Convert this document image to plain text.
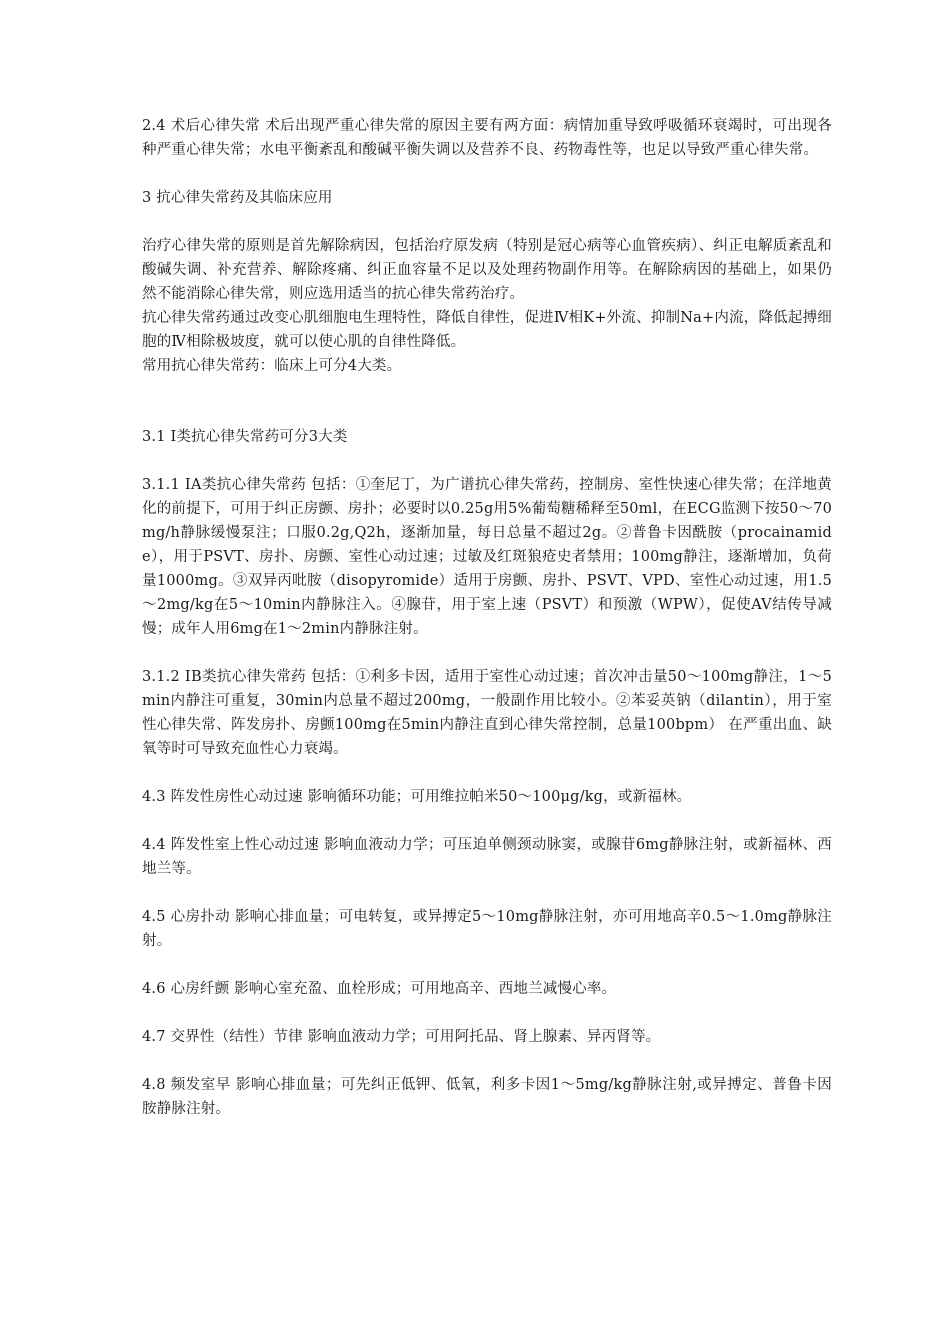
2.4 术后心律失常 术后出现严重心律失常的原因主要有两方面：病情加重导致呼吸循环衰竭时，可出现各种严重心律失常；水电平衡紊乱和酸碱平衡失调以及营养不良、药物毒性等，也足以导致严重心律失常。

3 抗心律失常药及其临床应用

治疗心律失常的原则是首先解除病因，包括治疗原发病（特别是冠心病等心血管疾病）、纠正电解质紊乱和酸碱失调、补充营养、解除疼痛、纠正血容量不足以及处理药物副作用等。在解除病因的基础上，如果仍然不能消除心律失常，则应选用适当的抗心律失常药治疗。

抗心律失常药通过改变心肌细胞电生理特性，降低自律性，促进Ⅳ相K+外流、抑制Na+内流，降低起搏细胞的Ⅳ相除极坡度，就可以使心肌的自律性降低。

常用抗心律失常药：临床上可分4大类。

3.1 Ⅰ类抗心律失常药可分3大类

3.1.1 ⅠA类抗心律失常药 包括：①奎尼丁，为广谱抗心律失常药，控制房、室性快速心律失常；在洋地黄化的前提下，可用于纠正房颤、房扑；必要时以0.25g用5%葡萄糖稀释至50ml，在ECG监测下按50～70mg/h静脉缓慢泵注；口服0.2g,Q2h，逐渐加量，每日总量不超过2g。②普鲁卡因酰胺（procainamide），用于PSVT、房扑、房颤、室性心动过速；过敏及红斑狼疮史者禁用；100mg静注，逐渐增加，负荷量1000mg。③双异丙吡胺（disopyromide）适用于房颤、房扑、PSVT、VPD、室性心动过速，用1.5～2mg/kg在5～10min内静脉注入。④腺苷，用于室上速（PSVT）和预激（WPW），促使AV结传导减慢；成年人用6mg在1～2min内静脉注射。

3.1.2 ⅠB类抗心律失常药 包括：①利多卡因，适用于室性心动过速；首次冲击量50～100mg静注，1～5min内静注可重复，30min内总量不超过200mg，一般副作用比较小。②苯妥英钠（dilantin），用于室性心律失常、阵发房扑、房颤100mg在5min内静注直到心律失常控制，总量100bpm） 在严重出血、缺氧等时可导致充血性心力衰竭。

4.3 阵发性房性心动过速 影响循环功能；可用维拉帕米50～100μg/kg，或新福林。

4.4 阵发性室上性心动过速 影响血液动力学；可压迫单侧颈动脉窦，或腺苷6mg静脉注射，或新福林、西地兰等。

4.5 心房扑动 影响心排血量；可电转复，或异搏定5～10mg静脉注射，亦可用地高辛0.5～1.0mg静脉注射。

4.6 心房纤颤 影响心室充盈、血栓形成；可用地高辛、西地兰减慢心率。

4.7 交界性（结性）节律 影响血液动力学；可用阿托品、肾上腺素、异丙肾等。

4.8 频发室早 影响心排血量；可先纠正低钾、低氧，利多卡因1～5mg/kg静脉注射,或异搏定、普鲁卡因胺静脉注射。
